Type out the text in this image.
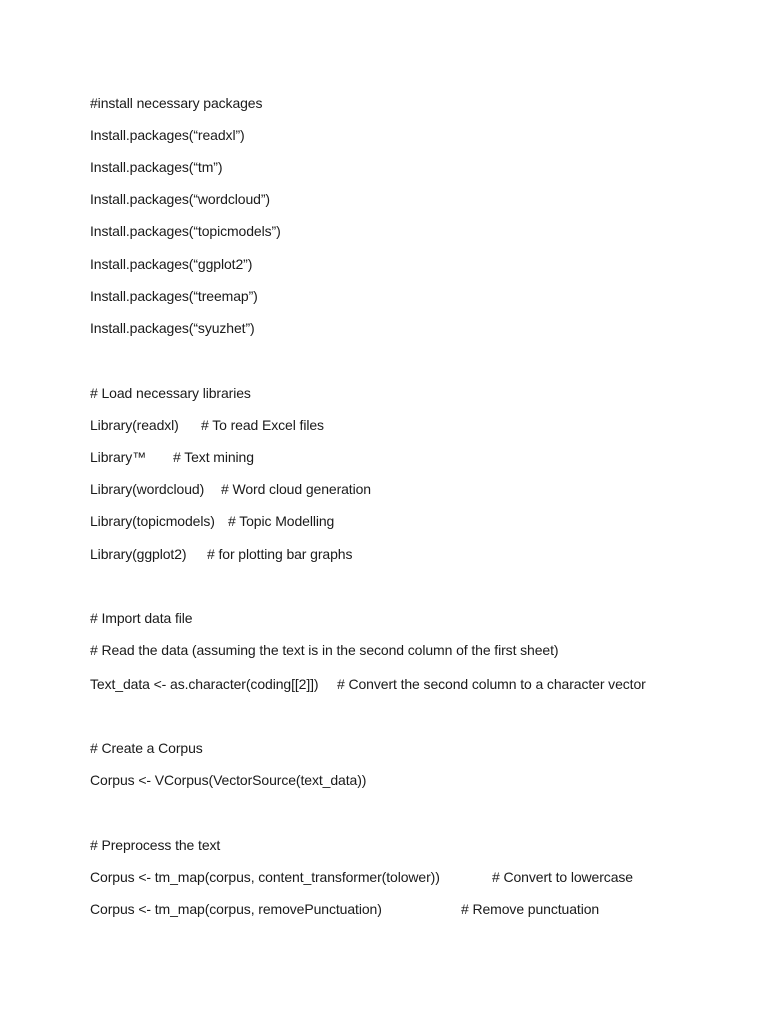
#install necessary packages

Install.packages(“readxl”)

Install.packages(“tm”)

Install.packages(“wordcloud”)

Install.packages(“topicmodels”)

Install.packages(“ggplot2”)

Install.packages(“treemap”)

Install.packages(“syuzhet”)

# Load necessary libraries

Library(readxl)

# To read Excel files

Library™

# Text mining

Library(wordcloud)

# Word cloud generation

Library(topicmodels)

# Topic Modelling

Library(ggplot2)

# for plotting bar graphs

# Import data file

# Read the data (assuming the text is in the second column of the first sheet)

Text_data <- as.character(coding[[2]])

# Convert the second column to a character vector

# Create a Corpus

Corpus <- VCorpus(VectorSource(text_data))

# Preprocess the text

Corpus <- tm_map(corpus, content_transformer(tolower))

	# Convert to lowercase

Corpus <- tm_map(corpus, removePunctuation)

	# Remove punctuation
